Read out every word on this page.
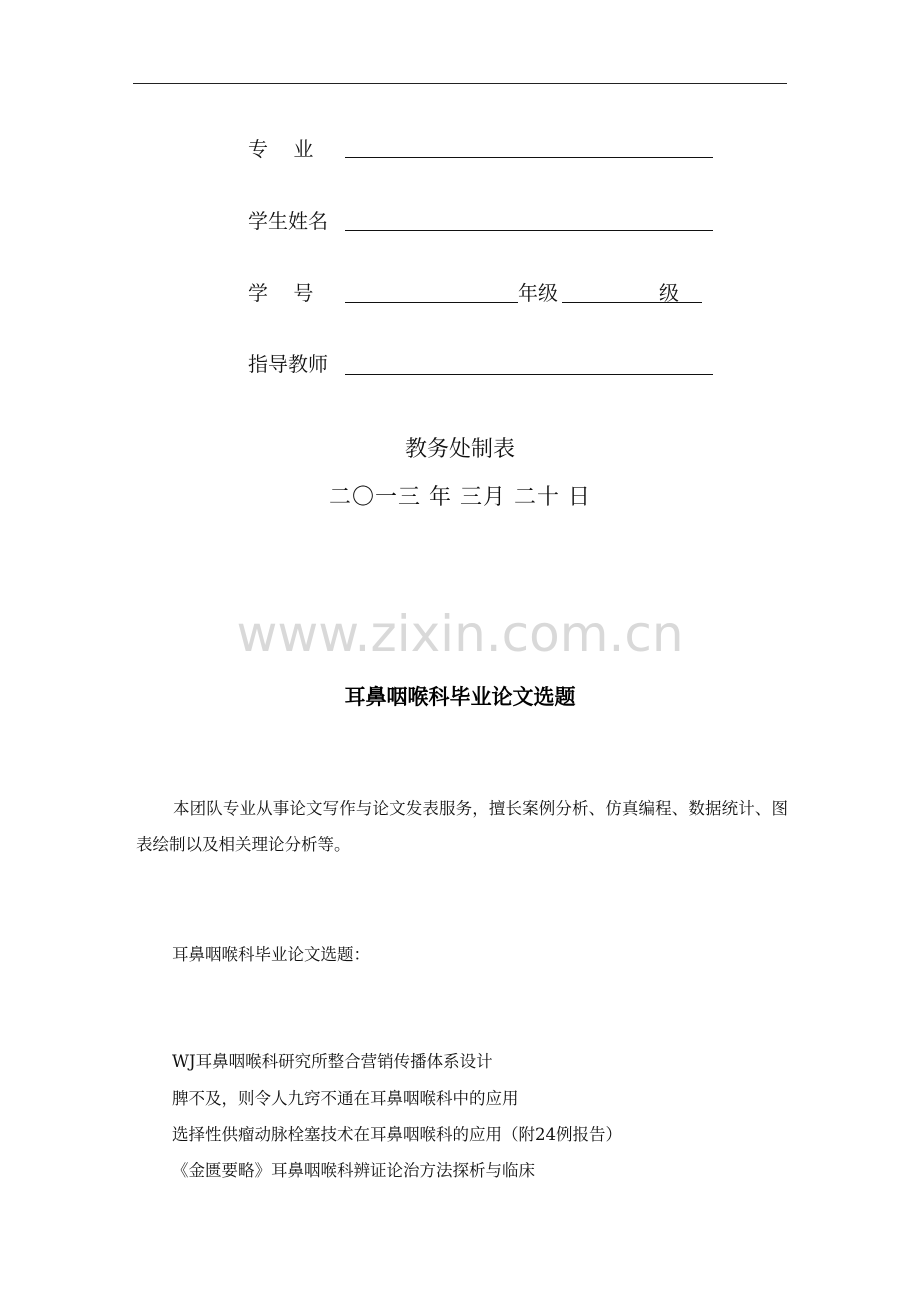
专    业
学生姓名
学    号	年级	级
指导教师
教务处制表
二〇一三 年 三月 二十 日
www.zixin.com.cn
耳鼻咽喉科毕业论文选题
本团队专业从事论文写作与论文发表服务，擅长案例分析、仿真编程、数据统计、图表绘制以及相关理论分析等。
耳鼻咽喉科毕业论文选题：
WJ耳鼻咽喉科研究所整合营销传播体系设计
脾不及，则令人九窍不通在耳鼻咽喉科中的应用
选择性供瘤动脉栓塞技术在耳鼻咽喉科的应用（附24例报告）
《金匮要略》耳鼻咽喉科辨证论治方法探析与临床
